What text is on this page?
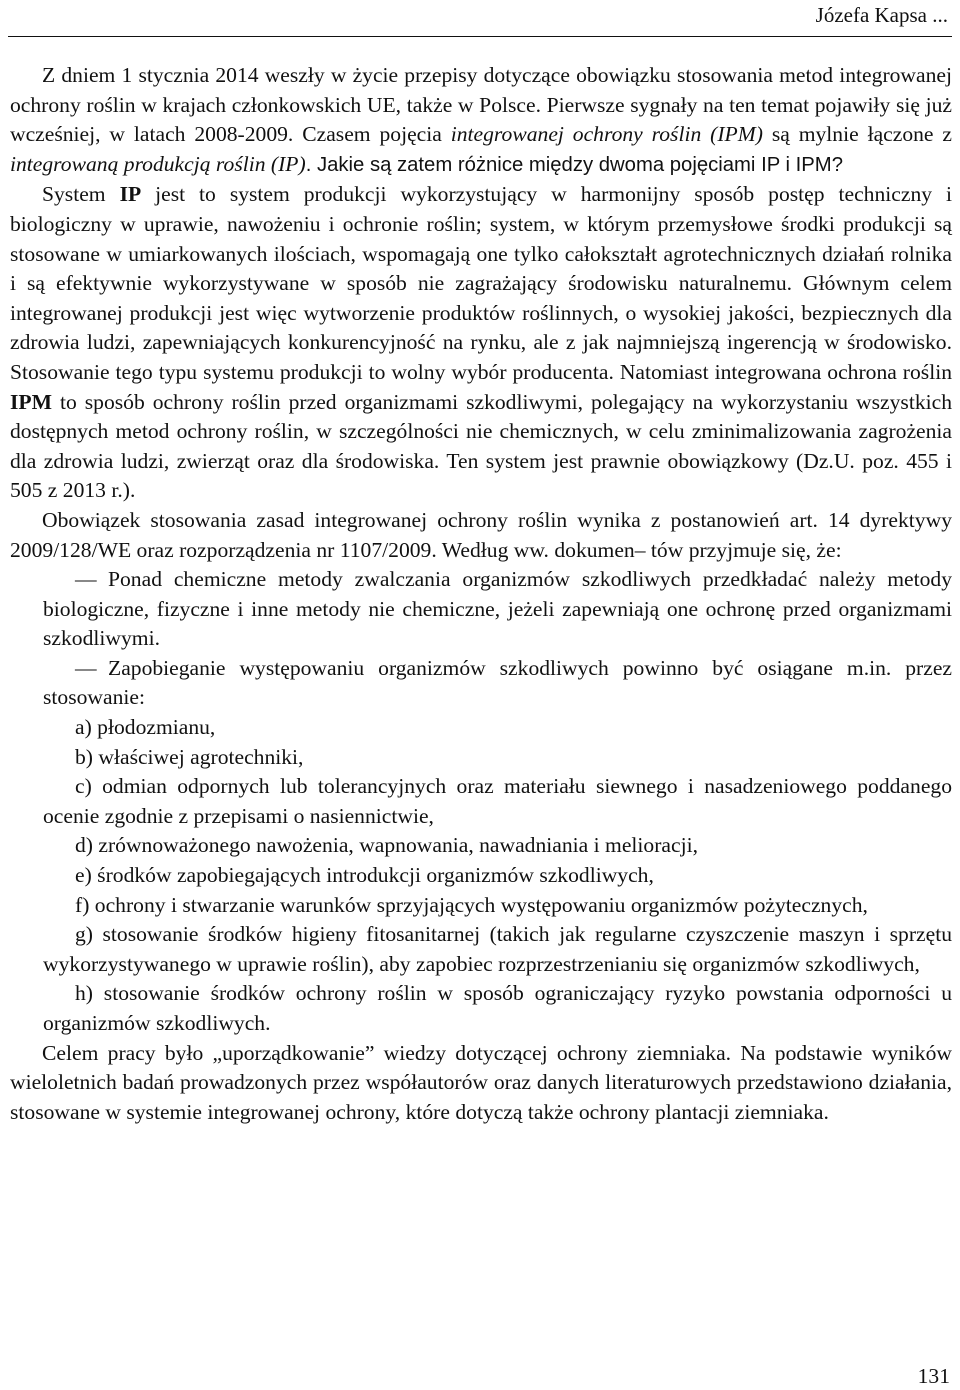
Józefa Kapsa ...

Z dniem 1 stycznia 2014 weszły w życie przepisy dotyczące obowiązku stosowania metod integrowanej ochrony roślin w krajach członkowskich UE, także w Polsce. Pierwsze sygnały na ten temat pojawiły się już wcześniej, w latach 2008-2009. Czasem pojęcia integrowanej ochrony roślin (IPM) są mylnie łączone z integrowaną produkcją roślin (IP). Jakie są zatem różnice między dwoma pojęciami IP i IPM?

System IP jest to system produkcji wykorzystujący w harmonijny sposób postęp techniczny i biologiczny w uprawie, nawożeniu i ochronie roślin; system, w którym przemysłowe środki produkcji są stosowane w umiarkowanych ilościach, wspomagają one tylko całokształt agrotechnicznych działań rolnika i są efektywnie wykorzystywane w sposób nie zagrażający środowisku naturalnemu. Głównym celem integrowanej produkcji jest więc wytworzenie produktów roślinnych, o wysokiej jakości, bezpiecznych dla zdrowia ludzi, zapewniających konkurencyjność na rynku, ale z jak najmniejszą ingerencją w środowisko. Stosowanie tego typu systemu produkcji to wolny wybór producenta. Natomiast integrowana ochrona roślin IPM to sposób ochrony roślin przed organizmami szkodliwymi, polegający na wykorzystaniu wszystkich dostępnych metod ochrony roślin, w szczególności nie chemicznych, w celu zminimalizowania zagrożenia dla zdrowia ludzi, zwierząt oraz dla środowiska. Ten system jest prawnie obowiązkowy (Dz.U. poz. 455 i 505 z 2013 r.).

Obowiązek stosowania zasad integrowanej ochrony roślin wynika z postanowień art. 14 dyrektywy 2009/128/WE oraz rozporządzenia nr 1107/2009. Według ww. dokumen– tów przyjmuje się, że:

— Ponad chemiczne metody zwalczania organizmów szkodliwych przedkładać należy metody biologiczne, fizyczne i inne metody nie chemiczne, jeżeli zapewniają one ochronę przed organizmami szkodliwymi.

— Zapobieganie występowaniu organizmów szkodliwych powinno być osiągane m.in. przez stosowanie:

a) płodozmianu,

b) właściwej agrotechniki,

c) odmian odpornych lub tolerancyjnych oraz materiału siewnego i nasadzeniowego poddanego ocenie zgodnie z przepisami o nasiennictwie,

d) zrównoważonego nawożenia, wapnowania, nawadniania i melioracji,

e) środków zapobiegających introdukcji organizmów szkodliwych,

f) ochrony i stwarzanie warunków sprzyjających występowaniu organizmów pożytecznych,

g) stosowanie środków higieny fitosanitarnej (takich jak regularne czyszczenie maszyn i sprzętu wykorzystywanego w uprawie roślin), aby zapobiec rozprzestrzenianiu się organizmów szkodliwych,

h) stosowanie środków ochrony roślin w sposób ograniczający ryzyko powstania odporności u organizmów szkodliwych.

Celem pracy było „uporządkowanie” wiedzy dotyczącej ochrony ziemniaka. Na podstawie wyników wieloletnich badań prowadzonych przez współautorów oraz danych literaturowych przedstawiono działania, stosowane w systemie integrowanej ochrony, które dotyczą także ochrony plantacji ziemniaka.

131
